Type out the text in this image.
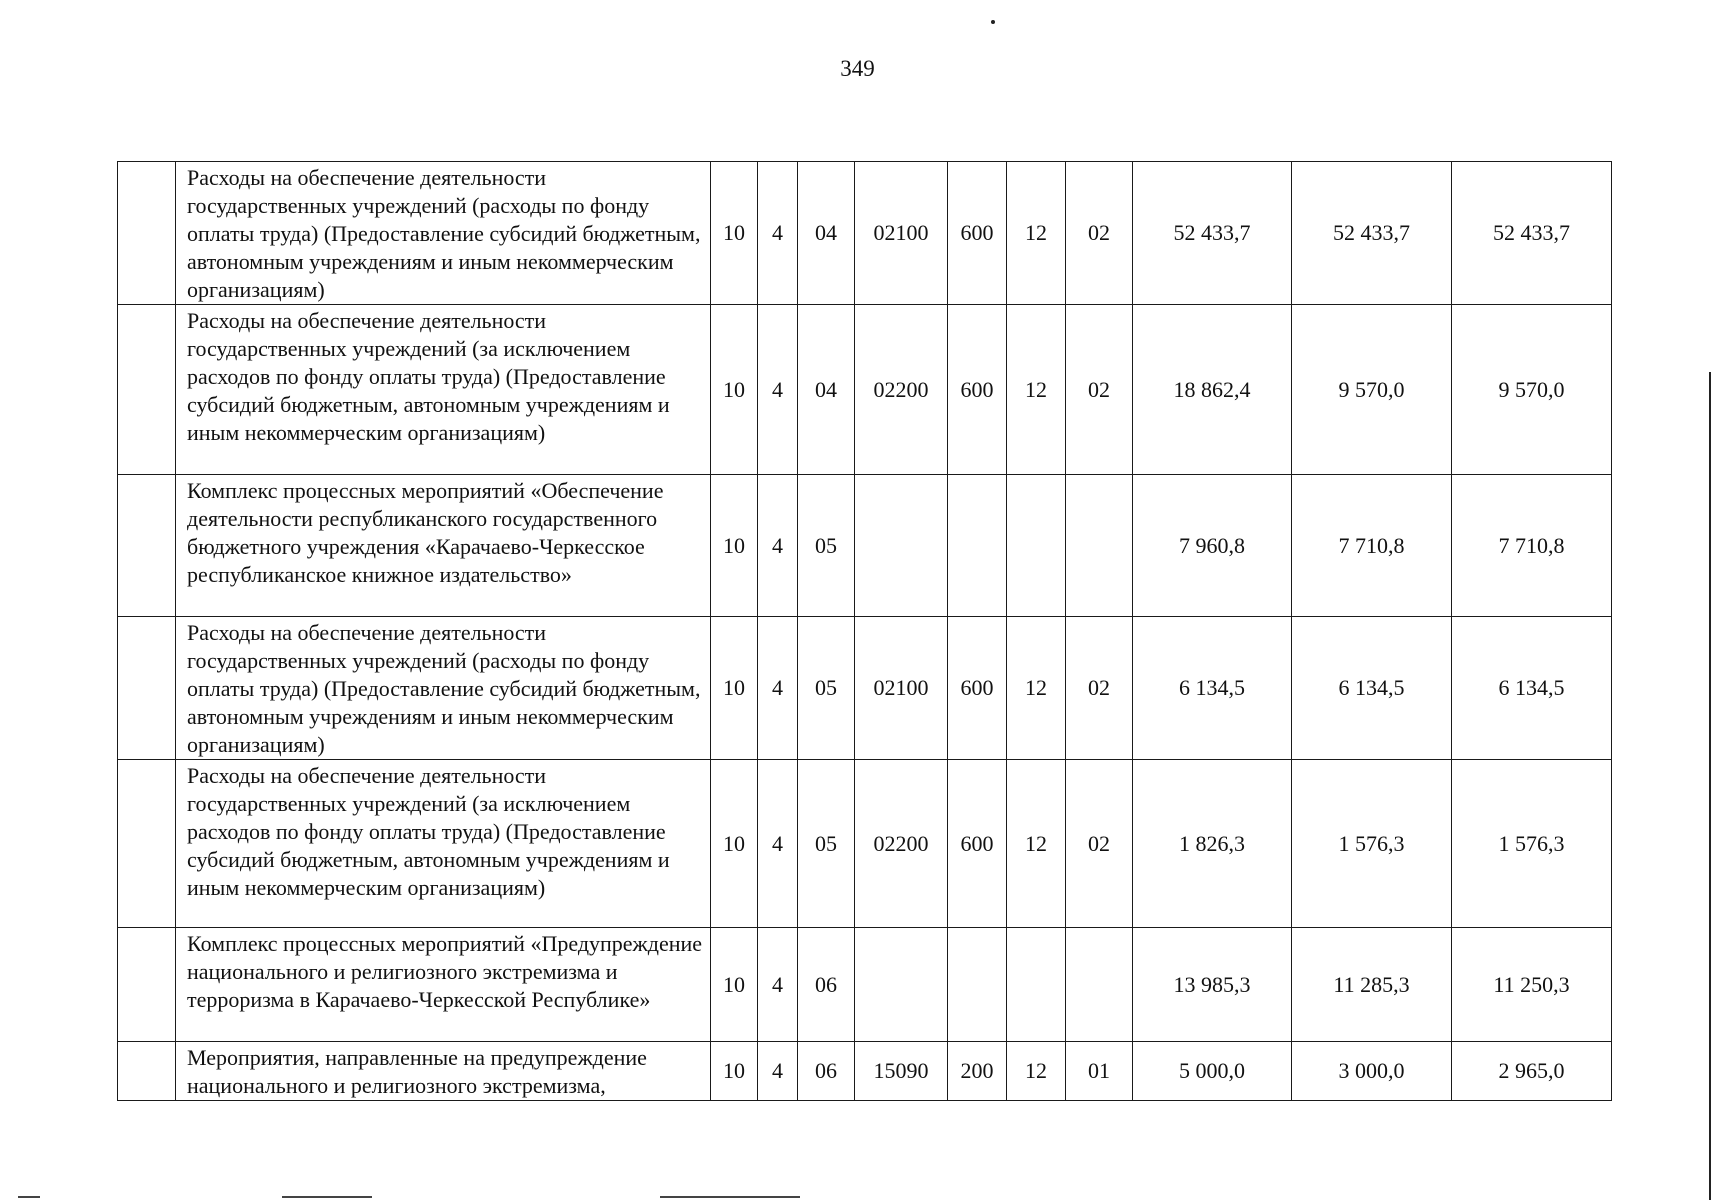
349
	Расходы на обеспечение деятельности государственных учреждений (расходы по фонду оплаты труда) (Предоставление субсидий бюджетным, автономным учреждениям и иным некоммерческим организациям)	10	4	04	02100	600	12	02	52 433,7	52 433,7	52 433,7
	Расходы на обеспечение деятельности государственных учреждений (за исключением расходов по фонду оплаты труда) (Предоставление субсидий бюджетным, автономным учреждениям и иным некоммерческим организациям)	10	4	04	02200	600	12	02	18 862,4	9 570,0	9 570,0
	Комплекс процессных мероприятий «Обеспечение деятельности республиканского государственного бюджетного учреждения «Карачаево-Черкесское республиканское книжное издательство»	10	4	05					7 960,8	7 710,8	7 710,8
	Расходы на обеспечение деятельности государственных учреждений (расходы по фонду оплаты труда) (Предоставление субсидий бюджетным, автономным учреждениям и иным некоммерческим организациям)	10	4	05	02100	600	12	02	6 134,5	6 134,5	6 134,5
	Расходы на обеспечение деятельности государственных учреждений (за исключением расходов по фонду оплаты труда) (Предоставление субсидий бюджетным, автономным учреждениям и иным некоммерческим организациям)	10	4	05	02200	600	12	02	1 826,3	1 576,3	1 576,3
	Комплекс процессных мероприятий «Предупреждение национального и религиозного экстремизма и терроризма в Карачаево-Черкесской Республике»	10	4	06					13 985,3	11 285,3	11 250,3
	Мероприятия, направленные на предупреждение национального и религиозного экстремизма,	10	4	06	15090	200	12	01	5 000,0	3 000,0	2 965,0
